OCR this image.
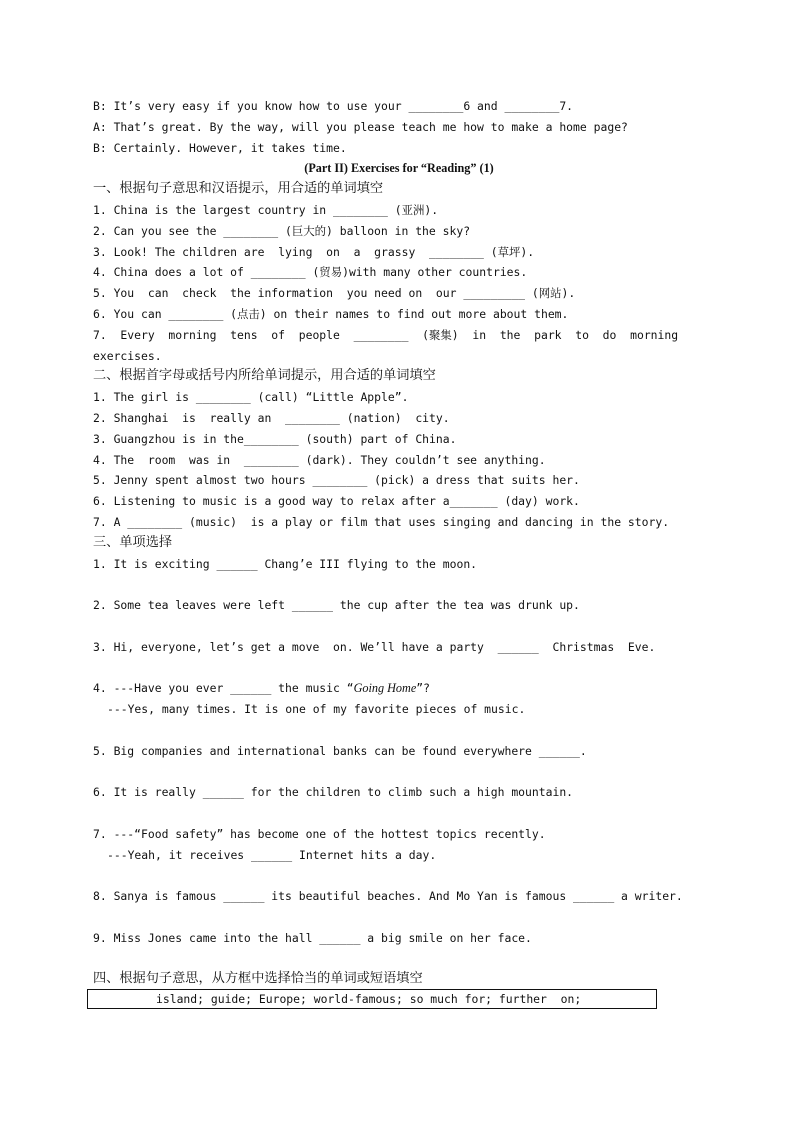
B: It’s very easy if you know how to use your ________6 and ________7.
A: That’s great. By the way, will you please teach me how to make a home page?
B: Certainly. However, it takes time.
(Part II) Exercises for “Reading” (1)
一、根据句子意思和汉语提示，用合适的单词填空
1. China is the largest country in ________ (亚洲).
2. Can you see the ________ (巨大的) balloon in the sky?
3. Look! The children are  lying  on  a  grassy  ________ (草坪).
4. China does a lot of ________ (贸易)with many other countries.
5. You  can  check  the information  you need on  our _________ (网站).
6. You can ________ (点击) on their names to find out more about them.
7.  Every  morning  tens  of  people  ________  (聚集)  in  the  park  to  do  morning
exercises.
二、根据首字母或括号内所给单词提示，用合适的单词填空
1. The girl is ________ (call) “Little Apple”.
2. Shanghai  is  really an  ________ (nation)  city.
3. Guangzhou is in the________ (south) part of China.
4. The  room  was in  ________ (dark). They couldn’t see anything.
5. Jenny spent almost two hours ________ (pick) a dress that suits her.
6. Listening to music is a good way to relax after a_______ (day) work.
7. A ________ (music)  is a play or film that uses singing and dancing in the story.
三、单项选择
1. It is exciting ______ Chang’e III flying to the moon.

2. Some tea leaves were left ______ the cup after the tea was drunk up.

3. Hi, everyone, let’s get a move  on. We’ll have a party  ______  Christmas  Eve.

4. ---Have you ever ______ the music “Going Home”?
---Yes, many times. It is one of my favorite pieces of music.

5. Big companies and international banks can be found everywhere ______.

6. It is really ______ for the children to climb such a high mountain.

7. ---“Food safety” has become one of the hottest topics recently.
---Yeah, it receives ______ Internet hits a day.

8. Sanya is famous ______ its beautiful beaches. And Mo Yan is famous ______ a writer.

9. Miss Jones came into the hall ______ a big smile on her face.

四、根据句子意思，从方框中选择恰当的单词或短语填空
island; guide; Europe; world-famous; so much for; further  on;
